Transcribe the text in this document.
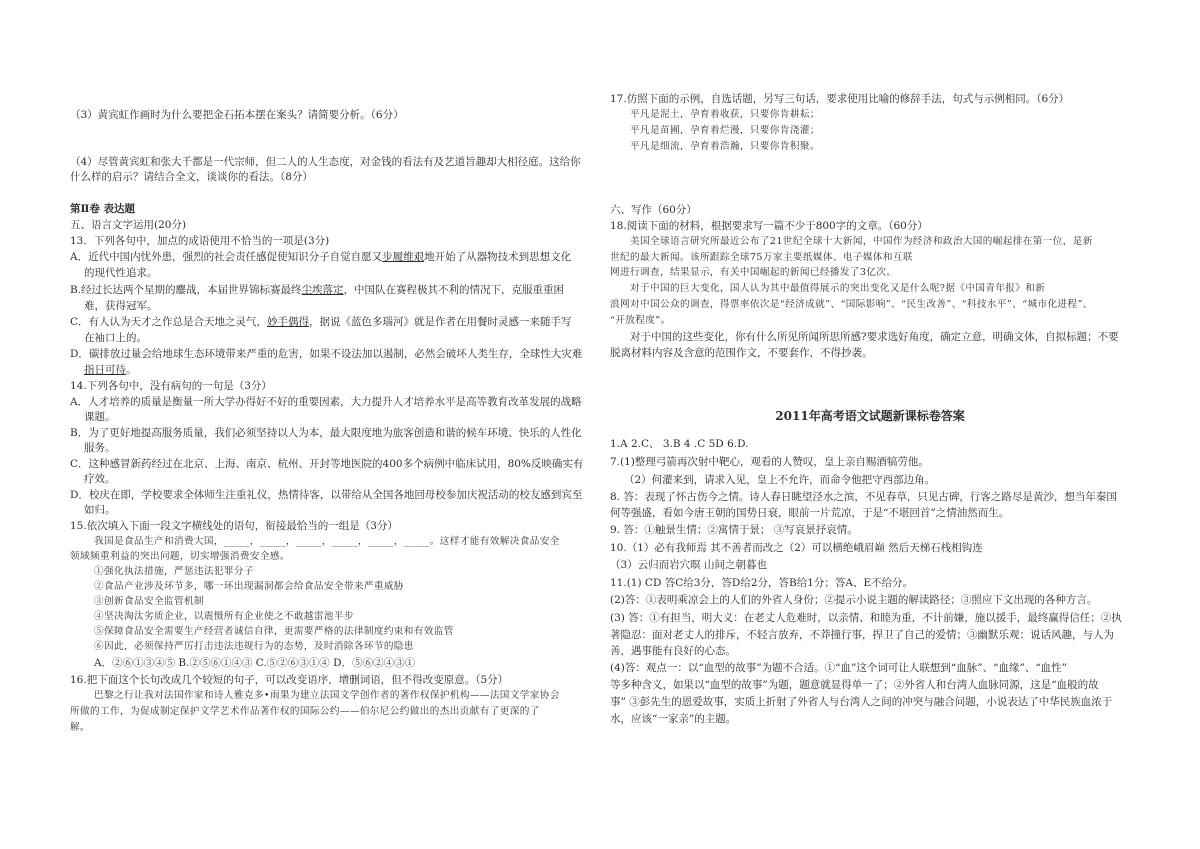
（3）黄宾虹作画时为什么要把金石拓本摆在案头？请简要分析。（6分）
（4）尽管黄宾虹和张大千都是一代宗师，但二人的人生态度，对金钱的看法有及艺道旨趣却大相径庭。这给你
什么样的启示？请结合全文，谈谈你的看法。（8分）
第Ⅱ卷 表达题
五、语言文字运用(20分)
13．下列各句中，加点的成语使用不恰当的一项是(3分)
A．近代中国内忧外患，强烈的社会责任感促使知识分子自觉自愿又步履维艰地开始了从器物技术到思想文化
的现代性追求。
B.经过长达两个星期的鏖战，本届世界锦标赛最终尘埃落定，中国队在赛程极其不利的情况下，克服重重困
难，获得冠军。
C．有人认为天才之作总是合天地之灵气，妙手偶得，据说《蓝色多瑙河》就是作者在用餐时灵感一来随手写
在袖口上的。
D．碳排放过量会给地球生态环境带来严重的危害，如果不设法加以遏制，必然会破坏人类生存，全球性大灾难
指日可待。
14.下列各句中，没有病句的一句是（3分）
A．人才培养的质量是衡量一所大学办得好不好的重要因素，大力提升人才培养水平是高等教育改革发展的战略
课题。
B．为了更好地提高服务质量，我们必须坚持以人为本，最大限度地为旅客创造和谐的候车环境、快乐的人性化
服务。
C．这种感冒新药经过在北京、上海、南京、杭州、开封等地医院的400多个病例中临床试用，80%反映确实有
疗效。
D．校庆在即，学校要求全体师生注重礼仪，热情待客，以带给从全国各地回母校参加庆祝活动的校友感到宾至
如归。
15.依次填入下面一段文字横线处的语句，衔接最恰当的一组是（3分）
我国是食品生产和消费大国，_____，_____，_____，_____，_____，_____。这样才能有效解决食品安全
领域频重利益的突出问题，切实增强消费安全感。
①强化执法措施，严惩违法犯罪分子
②食品产业涉及环节多，哪一环出现漏洞都会给食品安全带来严重威胁
③创新食品安全监管机制
④坚决淘汰劣质企业，以震慑所有企业使之不敢越雷池半步
⑤保障食品安全需要生产经营者诚信自律，更需要严格的法律制度约束和有效监管
⑥因此，必须保持严厉打击违法违规行为的态势，及时消除各环节的隐患
A．②⑥①③④⑤ B.②⑤⑥①④③ C.⑤②⑥③①④ D．⑤⑥②④③①
16.把下面这个长句改成几个较短的句子，可以改变语序，增删词语，但不得改变原意。（5分）
巴黎之行让我对法国作家和诗人雅克多•雨果为建立法国文学创作者的著作权保护机构——法国文学家协会
所做的工作，为促成制定保护文学艺术作品著作权的国际公约——伯尔尼公约做出的杰出贡献有了更深的了
解。
17.仿照下面的示例，自选话题，另写三句话，要求使用比喻的修辞手法，句式与示例相同。（6分）
平凡是泥土，孕育着收获，只要你肯耕耘；
平凡是苗圃，孕育着烂漫，只要你肯浇灌；
平凡是细流，孕育着浩瀚，只要你肯积聚。
六、写作（60分）
18.阅读下面的材料，根据要求写一篇不少于800字的文章。（60分）
美国全球语言研究所最近公布了21世纪全球十大新闻，中国作为经济和政治大国的崛起排在第一位，是新
世纪的最大新闻。该所跟踪全球75万家主要纸媒体、电子媒体和互联
网进行调查，结果显示，有关中国崛起的新闻已经播发了3亿次。
对于中国的巨大变化，国人认为其中最值得展示的突出变化又是什么呢?据《中国青年报》和新
浪网对中国公众的调查，得票率依次是“经济成就”、“国际影响”、“民生改善”、“科技水平”、“城市化进程”、
“开放程度”。
对于中国的这些变化，你有什么所见所闻所思所感?要求选好角度，确定立意，明确文体，自拟标题；不要
脱离材料内容及含意的范围作文，不要套作，不得抄袭。
2011年高考语文试题新课标卷答案
1.A 2.C、 3.B 4 .C 5D 6.D.
7.(1)整理弓箭再次射中靶心，观看的人赞叹，皇上亲自赐酒犒劳他。
（2）何灌来到，请求入见，皇上不允许，而命令他把守西部边角。
8. 答：表现了怀古伤今之情。诗人春日眺望泾水之滨，不见春草，只见古碑，行客之路尽是黄沙，想当年秦国
何等强盛，看如今唐王朝的国势日衰，眼前一片荒凉，于是“不堪回首”之情油然而生。
9. 答：①触景生情；②寓情于景； ③写哀景抒哀情。
10.（1）必有我师焉 其不善者而改之（2）可以横绝峨眉巅 然后天梯石栈相钩连
（3）云归而岩穴暝 山间之朝暮也
11.(1) CD 答C给3分，答D给2分，答B给1分；答A、E不给分。
(2)答：①表明乘凉会上的人们的外省人身份；②提示小说主题的解读路径；③照应下文出现的各种方言。
(3) 答：①有担当，明大义：在老丈人危难时，以亲情、和睦为重，不计前嫌，施以援手，最终赢得信任；②执
著隐忍：面对老丈人的排斥，不轻言放弃，不莽撞行事，捍卫了自己的爱情；③幽默乐观：说话风趣，与人为
善，遇事能有良好的心态。
(4)答：观点一：以“血型的故事”为题不合适。①“血”这个词可让人联想到“血脉”、“血缘”、“血性”
等多种含义，如果以“血型的故事”为题，题意就显得单一了；②外省人和台湾人血脉同源，这是“血般的故
事” ③彭先生的恩爱故事，实质上折射了外省人与台湾人之间的冲突与融合问题，小说表达了中华民族血浓于
水，应该“一家亲”的主题。
